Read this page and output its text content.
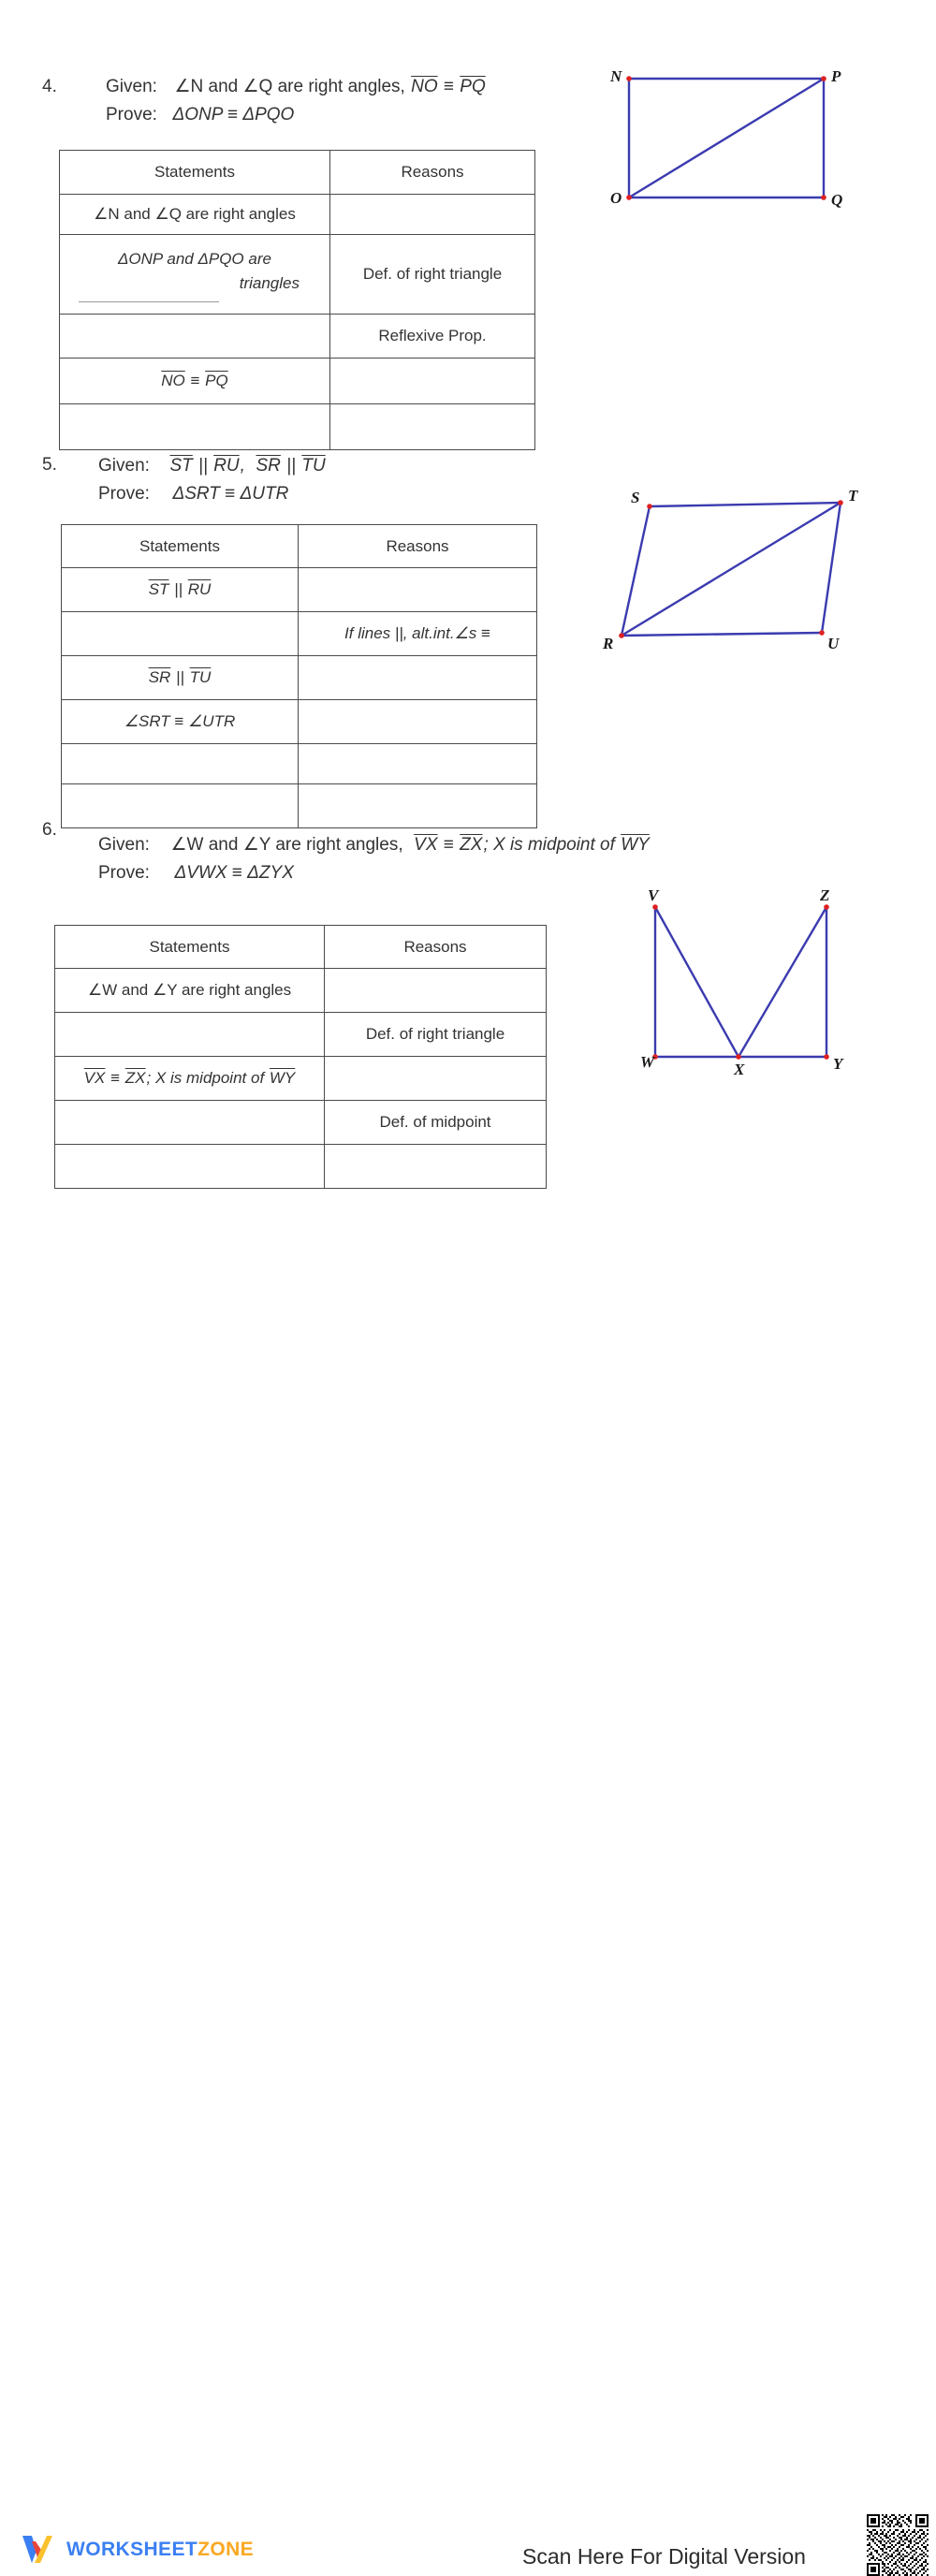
4.	Given: ∠N and ∠Q are right angles, $\overline{NO} \equiv \overline{PQ}$
Prove: ΔONP ≡ ΔPQO
Statements	Reasons
∠N and ∠Q are right angles	

ΔONP and ΔPQO are
triangles	Def. of right triangle
	Reflexive Prop.
$\overline{NO} \equiv \overline{PQ}$	

N	P
O	Q
5. Given: $\overline{ST}$ || $\overline{RU}$,  $\overline{SR}$ || $\overline{TU}$
Prove: ΔSRT ≡ ΔUTR
Statements	Reasons
$\overline{ST}$ || $\overline{RU}$	
	If lines ||, alt.int.∠s ≡
$\overline{SR}$ || $\overline{TU}$	
∠SRT ≡ ∠UTR	

S	T
R	U
6.
Given: ∠W and ∠Y are right angles,  $\overline{VX} \equiv \overline{ZX}$; X is midpoint of $\overline{WY}$
Prove: ΔVWX ≡ ΔZYX
Statements	Reasons
∠W and ∠Y are right angles	
	Def. of right triangle
$\overline{VX} \equiv \overline{ZX}$; X is midpoint of $\overline{WY}$	
	Def. of midpoint

V	Z
W	X	Y
WORKSHEETZONE	Scan Here For Digital Version
